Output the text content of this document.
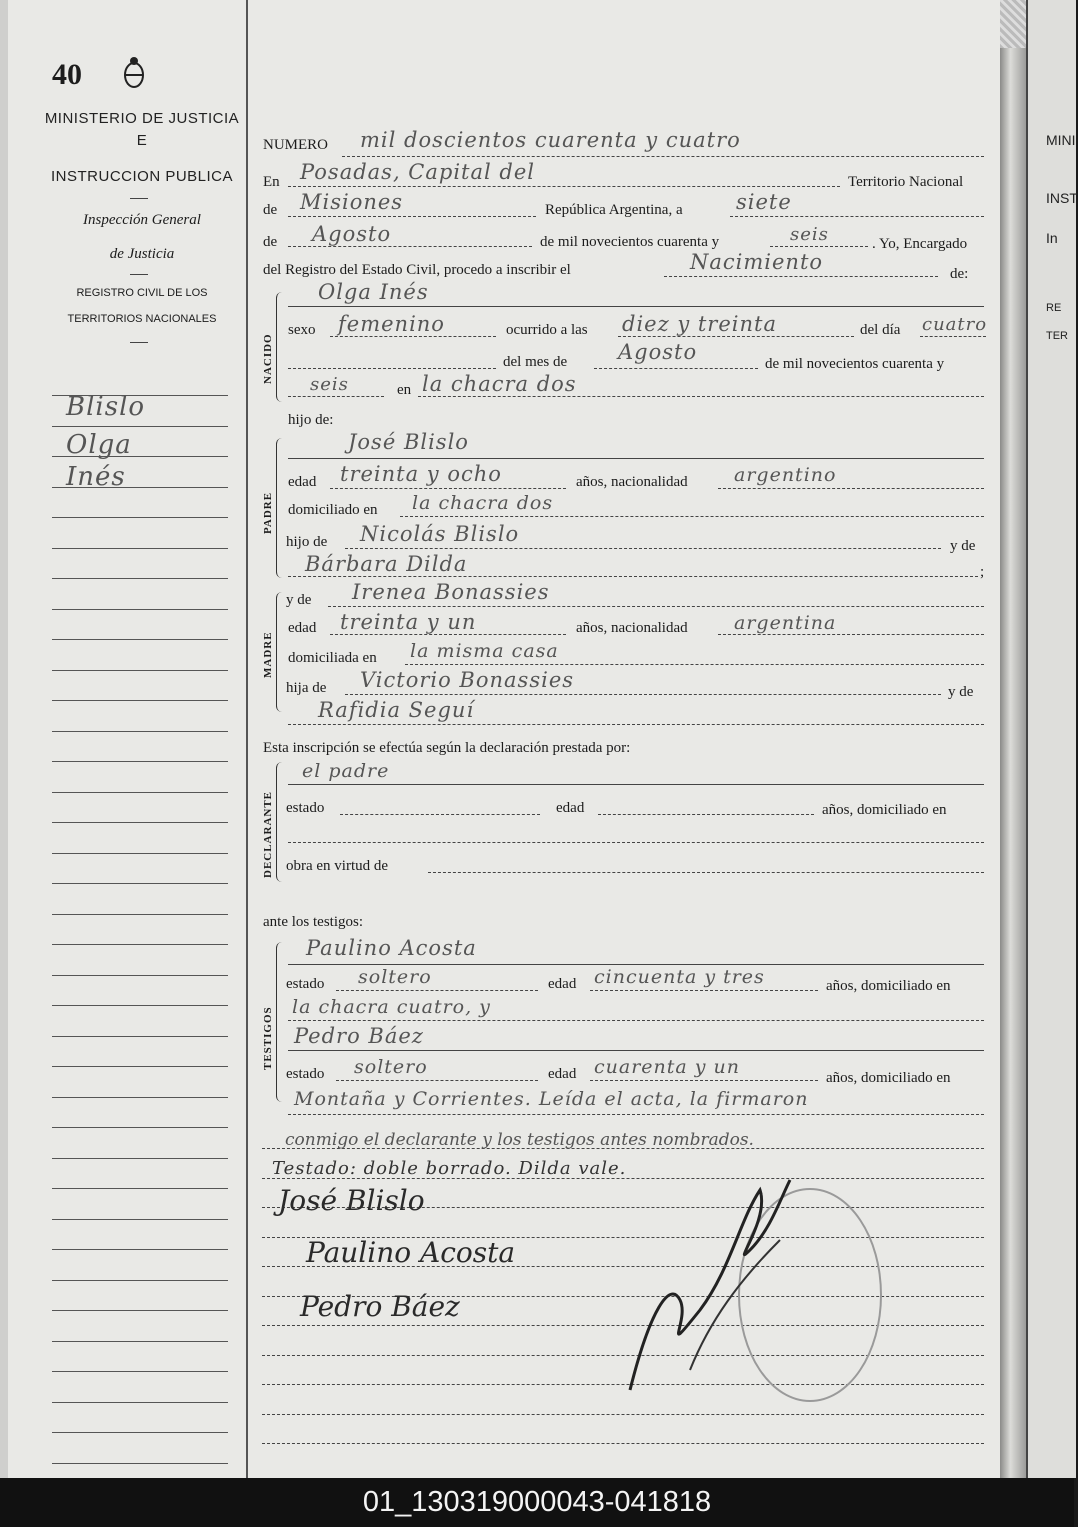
MINI
INST
In
RE
TER
40
MINISTERIO DE JUSTICIA
E
INSTRUCCION PUBLICA
Inspección General
de Justicia
REGISTRO CIVIL DE LOS
TERRITORIOS NACIONALES
Blislo
Olga
Inés
NUMERO mil doscientos cuarenta y cuatro
En Posadas, Capital del	Territorio Nacional
de Misiones	República Argentina, a	siete
de Agosto	de mil novecientos cuarenta y	seis	. Yo, Encargado
del Registro del Estado Civil, procedo a inscribir el	Nacimiento	de:
NACIDO
Olga Inés
sexo femenino	ocurrido a las diez y treinta	del día cuatro
del mes de Agosto	de mil novecientos cuarenta y
seis	en la chacra dos
hijo de:
PADRE
José Blislo
edad treinta y ocho	años, nacionalidad argentino
domiciliado en la chacra dos
hijo de Nicolás Blislo	y de
Bárbara Dilda	;
MADRE
y de Irenea Bonassies
edad treinta y un	años, nacionalidad argentina
domiciliada en la misma casa
hija de Victorio Bonassies	y de
Rafidia Seguí
Esta inscripción se efectúa según la declaración prestada por:
DECLARANTE
el padre
estado	edad	años, domiciliado en
obra en virtud de
ante los testigos:
TESTIGOS
Paulino Acosta
estado soltero	edad cincuenta y tres	años, domiciliado en
la chacra cuatro, y
Pedro Báez
estado soltero	edad cuarenta y un	años, domiciliado en
Montaña y Corrientes. Leída el acta, la firmaron
conmigo el declarante y los testigos antes nombrados.
Testado: doble borrado. Dilda vale.
José Blislo
Paulino Acosta
Pedro Báez
01_130319000043-041818
